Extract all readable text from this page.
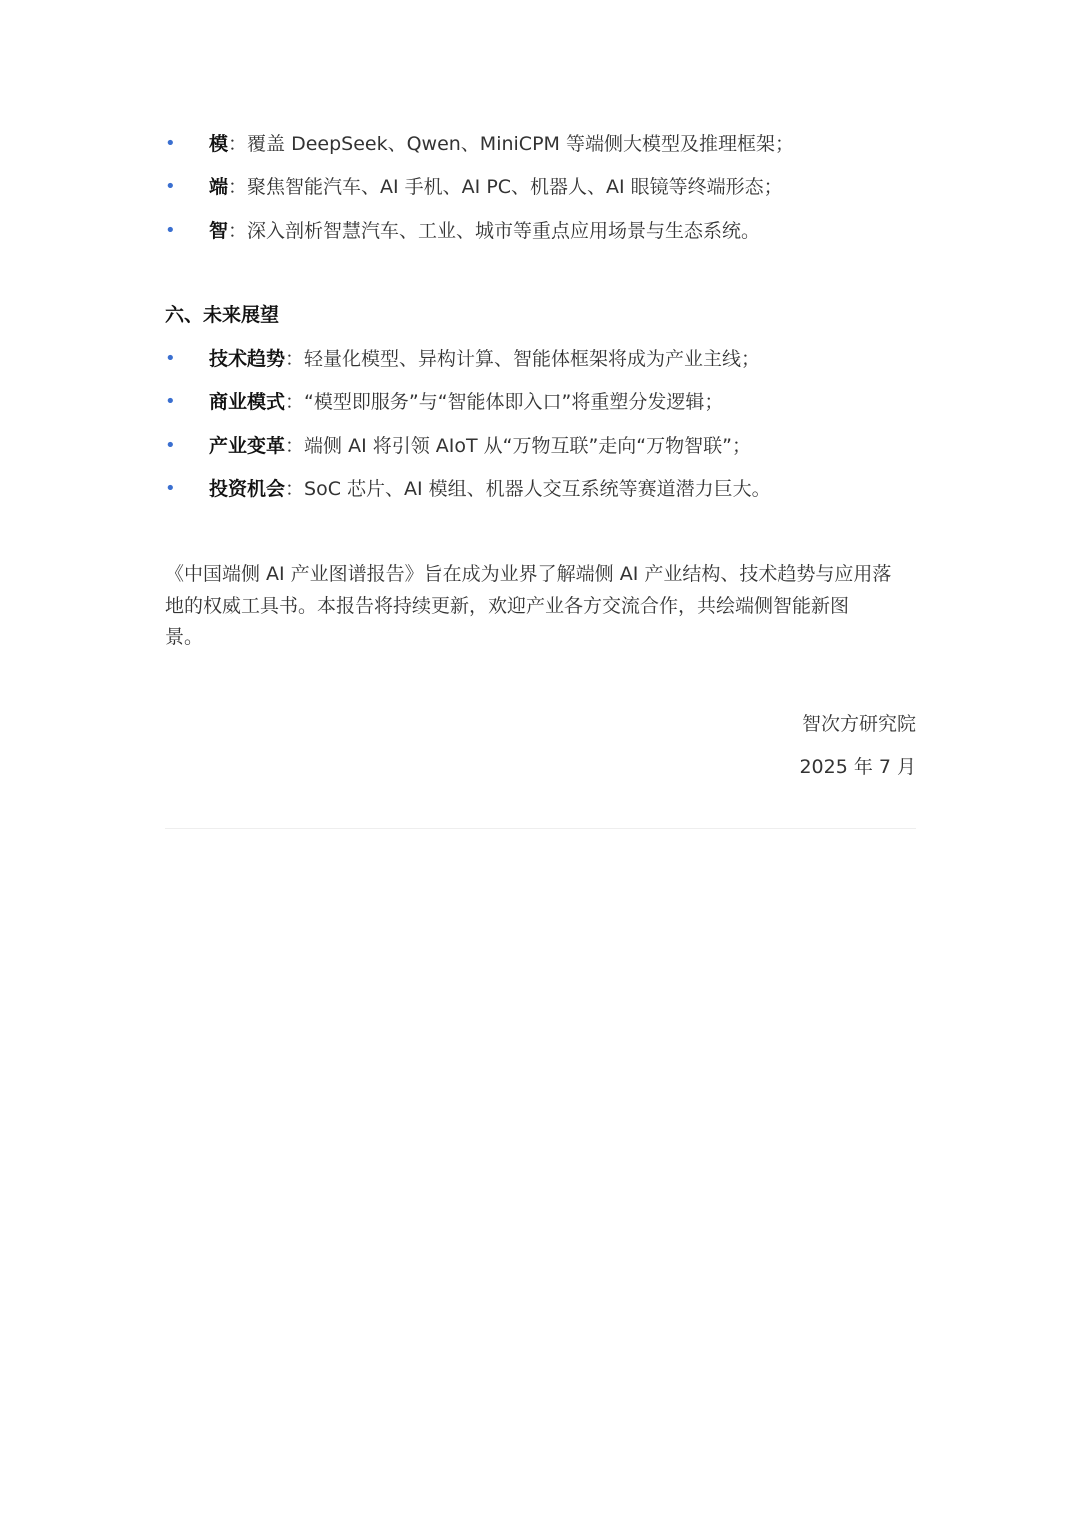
• 模：覆盖 DeepSeek、Qwen、MiniCPM 等端侧大模型及推理框架；
• 端：聚焦智能汽车、AI 手机、AI PC、机器人、AI 眼镜等终端形态；
• 智：深入剖析智慧汽车、工业、城市等重点应用场景与生态系统。
六、未来展望
• 技术趋势：轻量化模型、异构计算、智能体框架将成为产业主线；
• 商业模式：“模型即服务”与“智能体即入口”将重塑分发逻辑；
• 产业变革：端侧 AI 将引领 AIoT 从“万物互联”走向“万物智联”；
• 投资机会：SoC 芯片、AI 模组、机器人交互系统等赛道潜力巨大。
《中国端侧 AI 产业图谱报告》旨在成为业界了解端侧 AI 产业结构、技术趋势与应用落
地的权威工具书。本报告将持续更新，欢迎产业各方交流合作，共绘端侧智能新图
景。
智次方研究院
2025 年 7 月
